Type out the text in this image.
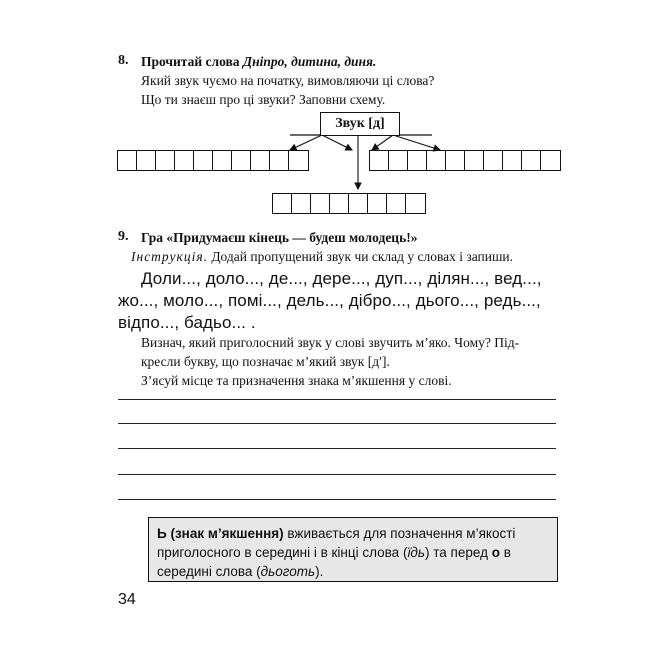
8. Прочитай слова Дніпро, дитина, диня.
Який звук чуємо на початку, вимовляючи ці слова?
Що ти знаєш про ці звуки? Заповни схему.
Звук [д]
9. Гра «Придумаєш кінець — будеш молодець!»
Інструкція. Додай пропущений звук чи склад у словах і запиши.
Доли..., доло..., де..., дере..., дуп..., ділян..., вед...,
жо..., моло..., помі..., дель..., дібро..., дього..., редь...,
відпо..., бадьо... .
Визнач, який приголосний звук у слові звучить м’яко. Чому? Під-
кресли букву, що позначає м’який звук [д′].
З’ясуй місце та призначення знака м’якшення у слові.
Ь (знак м’якшення) вживається для позначення м’якості приголосного в середині і в кінці слова (їдь) та перед о в середині слова (дьоготь).
34
